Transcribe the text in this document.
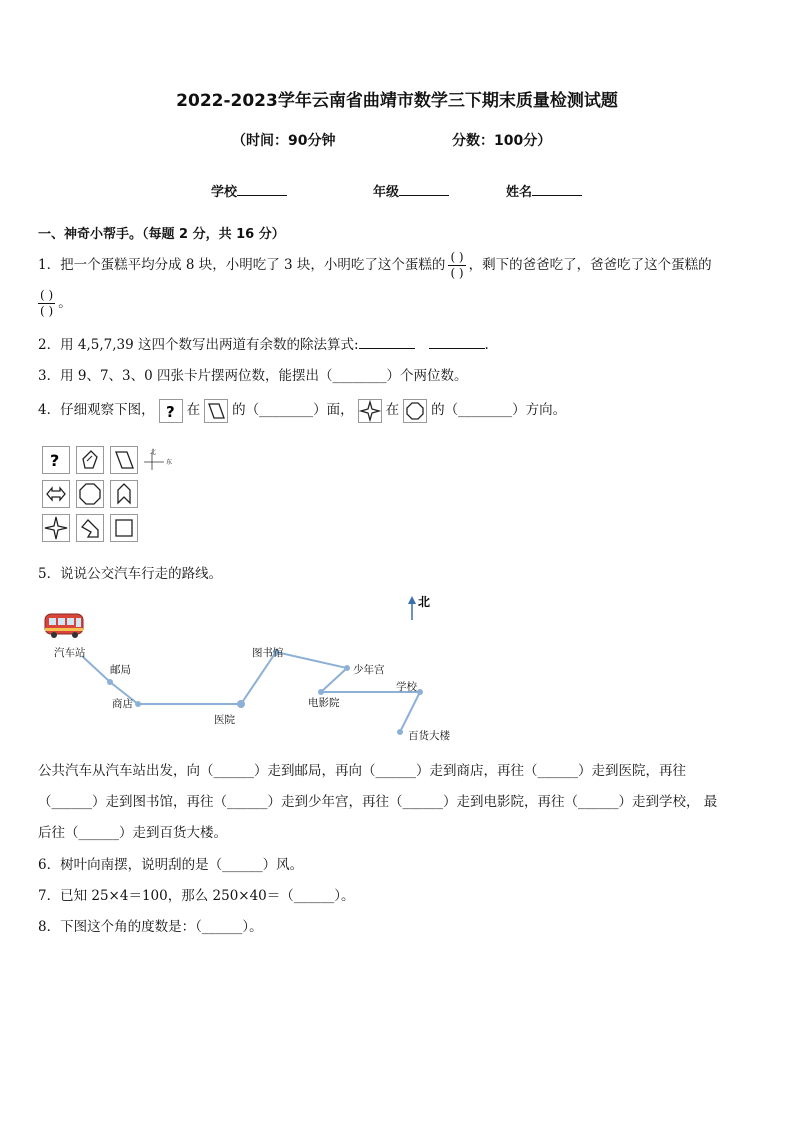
2022-2023学年云南省曲靖市数学三下期末质量检测试题
（时间：90分钟	分数：100分）
学校	年级	姓名
一、神奇小帮手。（每题 2 分，共 16 分）
1．把一个蛋糕平均分成 8 块，小明吃了 3 块，小明吃了这个蛋糕的 $\frac{( )}{( )}$ ，剩下的爸爸吃了，爸爸吃了这个蛋糕的
$\frac{( )}{( )}$ 。
2．用 4,5,7,39 这四个数写出两道有余数的除法算式:	.
3．用 9、7、3、0 四张卡片摆两位数，能摆出（________）个两位数。
4．仔细观察下图， ? 在 的（________）面， 在 的（________）方向。
?	北
东
5．说说公交汽车行走的路线。
北
汽车站
邮局
商店
医院
图书馆
少年宫
电影院
学校
百货大楼
公共汽车从汽车站出发，向（______）走到邮局，再向（______）走到商店，再往（______）走到医院，再往
（______）走到图书馆，再往（______）走到少年宫，再往（______）走到电影院，再往（______）走到学校， 最
后往（______）走到百货大楼。
6．树叶向南摆，说明刮的是（______）风。
7．已知 25×4＝100，那么 250×40＝（______）。
8．下图这个角的度数是：（______）。
